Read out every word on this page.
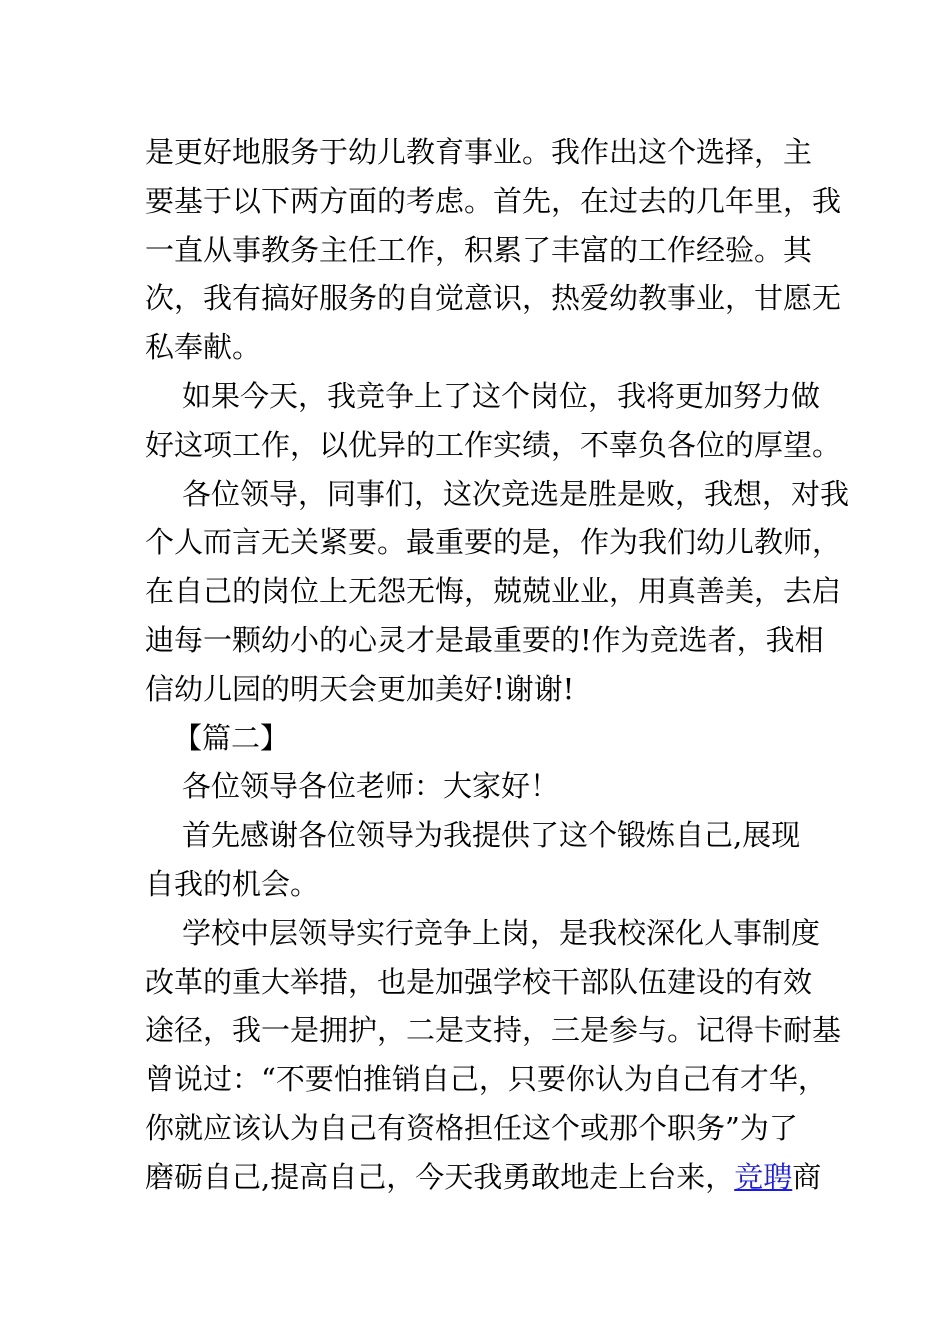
是更好地服务于幼儿教育事业。我作出这个选择，主
要基于以下两方面的考虑。首先，在过去的几年里，我
一直从事教务主任工作，积累了丰富的工作经验。其
次，我有搞好服务的自觉意识，热爱幼教事业，甘愿无
私奉献。
如果今天，我竞争上了这个岗位，我将更加努力做
好这项工作，以优异的工作实绩，不辜负各位的厚望。
各位领导，同事们，这次竞选是胜是败，我想，对我
个人而言无关紧要。最重要的是，作为我们幼儿教师，
在自己的岗位上无怨无悔，兢兢业业，用真善美，去启
迪每一颗幼小的心灵才是最重要的!作为竞选者，我相
信幼儿园的明天会更加美好!谢谢!
【篇二】
各位领导各位老师：大家好！
首先感谢各位领导为我提供了这个锻炼自己,展现
自我的机会。
学校中层领导实行竞争上岗，是我校深化人事制度
改革的重大举措，也是加强学校干部队伍建设的有效
途径，我一是拥护，二是支持，三是参与。记得卡耐基
曾说过：“不要怕推销自己，只要你认为自己有才华，
你就应该认为自己有资格担任这个或那个职务”为了
磨砺自己,提高自己，今天我勇敢地走上台来，竞聘商
